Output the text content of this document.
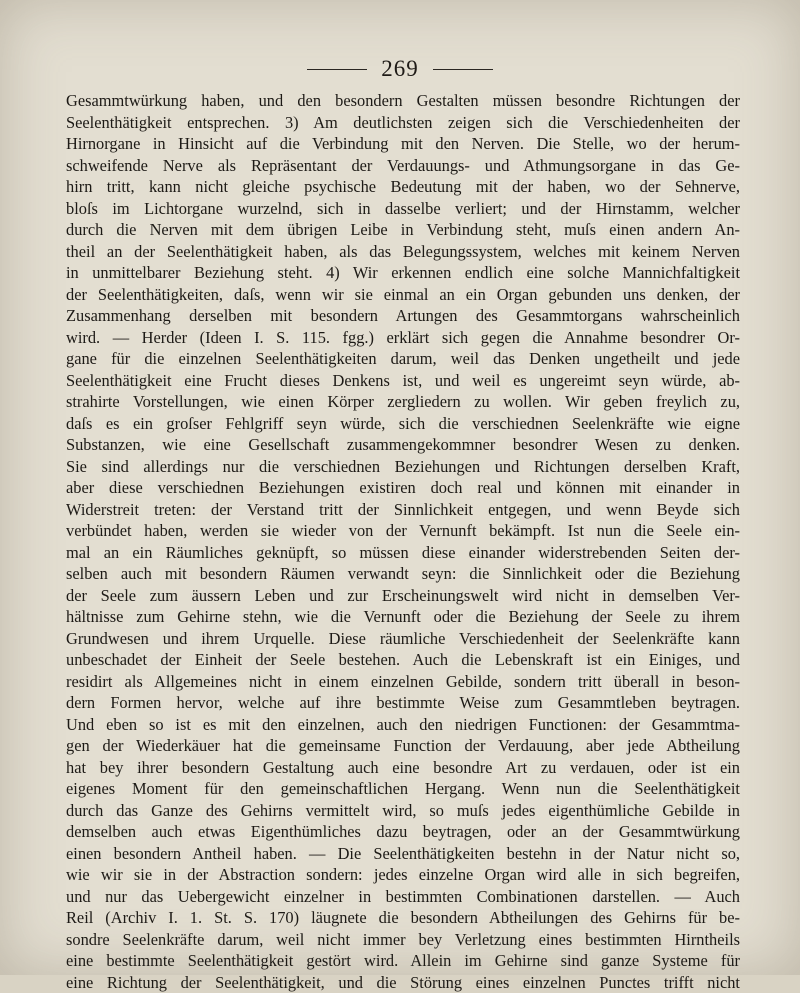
269
Gesammtwürkung haben, und den besondern Gestalten müssen besondre Richtungen der
Seelenthätigkeit entsprechen. 3) Am deutlichsten zeigen sich die Verschiedenheiten der
Hirnorgane in Hinsicht auf die Verbindung mit den Nerven. Die Stelle, wo der herum-
schweifende Nerve als Repräsentant der Verdauungs- und Athmungsorgane in das Ge-
hirn tritt, kann nicht gleiche psychische Bedeutung mit der haben, wo der Sehnerve,
bloſs im Lichtorgane wurzelnd, sich in dasselbe verliert; und der Hirnstamm, welcher
durch die Nerven mit dem übrigen Leibe in Verbindung steht, muſs einen andern An-
theil an der Seelenthätigkeit haben, als das Belegungssystem, welches mit keinem Nerven
in unmittelbarer Beziehung steht. 4) Wir erkennen endlich eine solche Mannichfaltigkeit
der Seelenthätigkeiten, daſs, wenn wir sie einmal an ein Organ gebunden uns denken, der
Zusammenhang derselben mit besondern Artungen des Gesammtorgans wahrscheinlich
wird. — Herder (Ideen I. S. 115. fgg.) erklärt sich gegen die Annahme besondrer Or-
gane für die einzelnen Seelenthätigkeiten darum, weil das Denken ungetheilt und jede
Seelenthätigkeit eine Frucht dieses Denkens ist, und weil es ungereimt seyn würde, ab-
strahirte Vorstellungen, wie einen Körper zergliedern zu wollen. Wir geben freylich zu,
daſs es ein groſser Fehlgriff seyn würde, sich die verschiednen Seelenkräfte wie eigne
Substanzen, wie eine Gesellschaft zusammengekommner besondrer Wesen zu denken.
Sie sind allerdings nur die verschiednen Beziehungen und Richtungen derselben Kraft,
aber diese verschiednen Beziehungen existiren doch real und können mit einander in
Widerstreit treten: der Verstand tritt der Sinnlichkeit entgegen, und wenn Beyde sich
verbündet haben, werden sie wieder von der Vernunft bekämpft. Ist nun die Seele ein-
mal an ein Räumliches geknüpft, so müssen diese einander widerstrebenden Seiten der-
selben auch mit besondern Räumen verwandt seyn: die Sinnlichkeit oder die Beziehung
der Seele zum äussern Leben und zur Erscheinungswelt wird nicht in demselben Ver-
hältnisse zum Gehirne stehn, wie die Vernunft oder die Beziehung der Seele zu ihrem
Grundwesen und ihrem Urquelle. Diese räumliche Verschiedenheit der Seelenkräfte kann
unbeschadet der Einheit der Seele bestehen. Auch die Lebenskraft ist ein Einiges, und
residirt als Allgemeines nicht in einem einzelnen Gebilde, sondern tritt überall in beson-
dern Formen hervor, welche auf ihre bestimmte Weise zum Gesammtleben beytragen.
Und eben so ist es mit den einzelnen, auch den niedrigen Functionen: der Gesammtma-
gen der Wiederkäuer hat die gemeinsame Function der Verdauung, aber jede Abtheilung
hat bey ihrer besondern Gestaltung auch eine besondre Art zu verdauen, oder ist ein
eigenes Moment für den gemeinschaftlichen Hergang. Wenn nun die Seelenthätigkeit
durch das Ganze des Gehirns vermittelt wird, so muſs jedes eigenthümliche Gebilde in
demselben auch etwas Eigenthümliches dazu beytragen, oder an der Gesammtwürkung
einen besondern Antheil haben. — Die Seelenthätigkeiten bestehn in der Natur nicht so,
wie wir sie in der Abstraction sondern: jedes einzelne Organ wird alle in sich begreifen,
und nur das Uebergewicht einzelner in bestimmten Combinationen darstellen. — Auch
Reil (Archiv I. 1. St. S. 170) läugnete die besondern Abtheilungen des Gehirns für be-
sondre Seelenkräfte darum, weil nicht immer bey Verletzung eines bestimmten Hirntheils
eine bestimmte Seelenthätigkeit gestört wird. Allein im Gehirne sind ganze Systeme für
eine Richtung der Seelenthätigkeit, und die Störung eines einzelnen Punctes trifft nicht
